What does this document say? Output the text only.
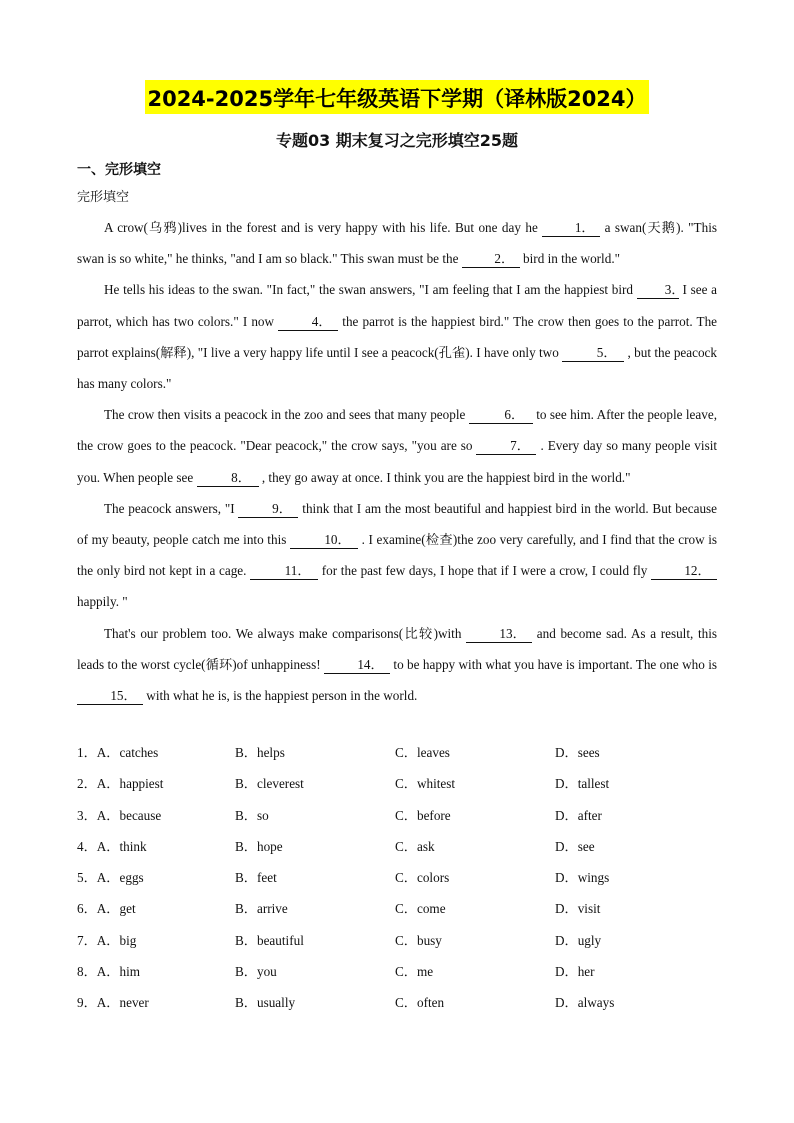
2024-2025学年七年级英语下学期（译林版2024）
专题03 期末复习之完形填空25题
一、完形填空
完形填空

A crow(乌鸦)lives in the forest and is very happy with his life. But one day he	1． a swan(天鹅). "This swan is so white," he thinks, "and I am so black." This swan must be the	2． bird in the world."

He tells his ideas to the swan. "In fact," the swan answers, "I am feeling that I am the happiest bird 3． I see a parrot, which has two colors." I now	4． the parrot is the happiest bird." The crow then goes to the parrot. The parrot explains(解释), "I live a very happy life until I see a peacock(孔雀). I have only two	5． , but the peacock has many colors."

The crow then visits a peacock in the zoo and sees that many people	6． to see him. After the people leave, the crow goes to the peacock. "Dear peacock," the crow says, "you are so	7． . Every day so many people visit you. When people see	8． , they go away at once. I think you are the happiest bird in the world."

The peacock answers, "I	9． think that I am the most beautiful and happiest bird in the world. But because of my beauty, people catch me into this	10． . I examine(检查)the zoo very carefully, and I find that the crow is the only bird not kept in a cage.	11． for the past few days, I hope that if I were a crow, I could fly	12． happily. "

That's our problem too. We always make comparisons(比较)with	13． and become sad. As a result, this leads to the worst cycle(循环)of unhappiness!	14． to be happy with what you have is important. The one who is 15． with what he is, is the happiest person in the world.

1．A．catches	B．helps	C．leaves	D．sees
2．A．happiest	B．cleverest	C．whitest	D．tallest
3．A．because	B．so	C．before	D．after
4．A．think	B．hope	C．ask	D．see
5．A．eggs	B．feet	C．colors	D．wings
6．A．get	B．arrive	C．come	D．visit
7．A．big	B．beautiful	C．busy	D．ugly
8．A．him	B．you	C．me	D．her
9．A．never	B．usually	C．often	D．always
